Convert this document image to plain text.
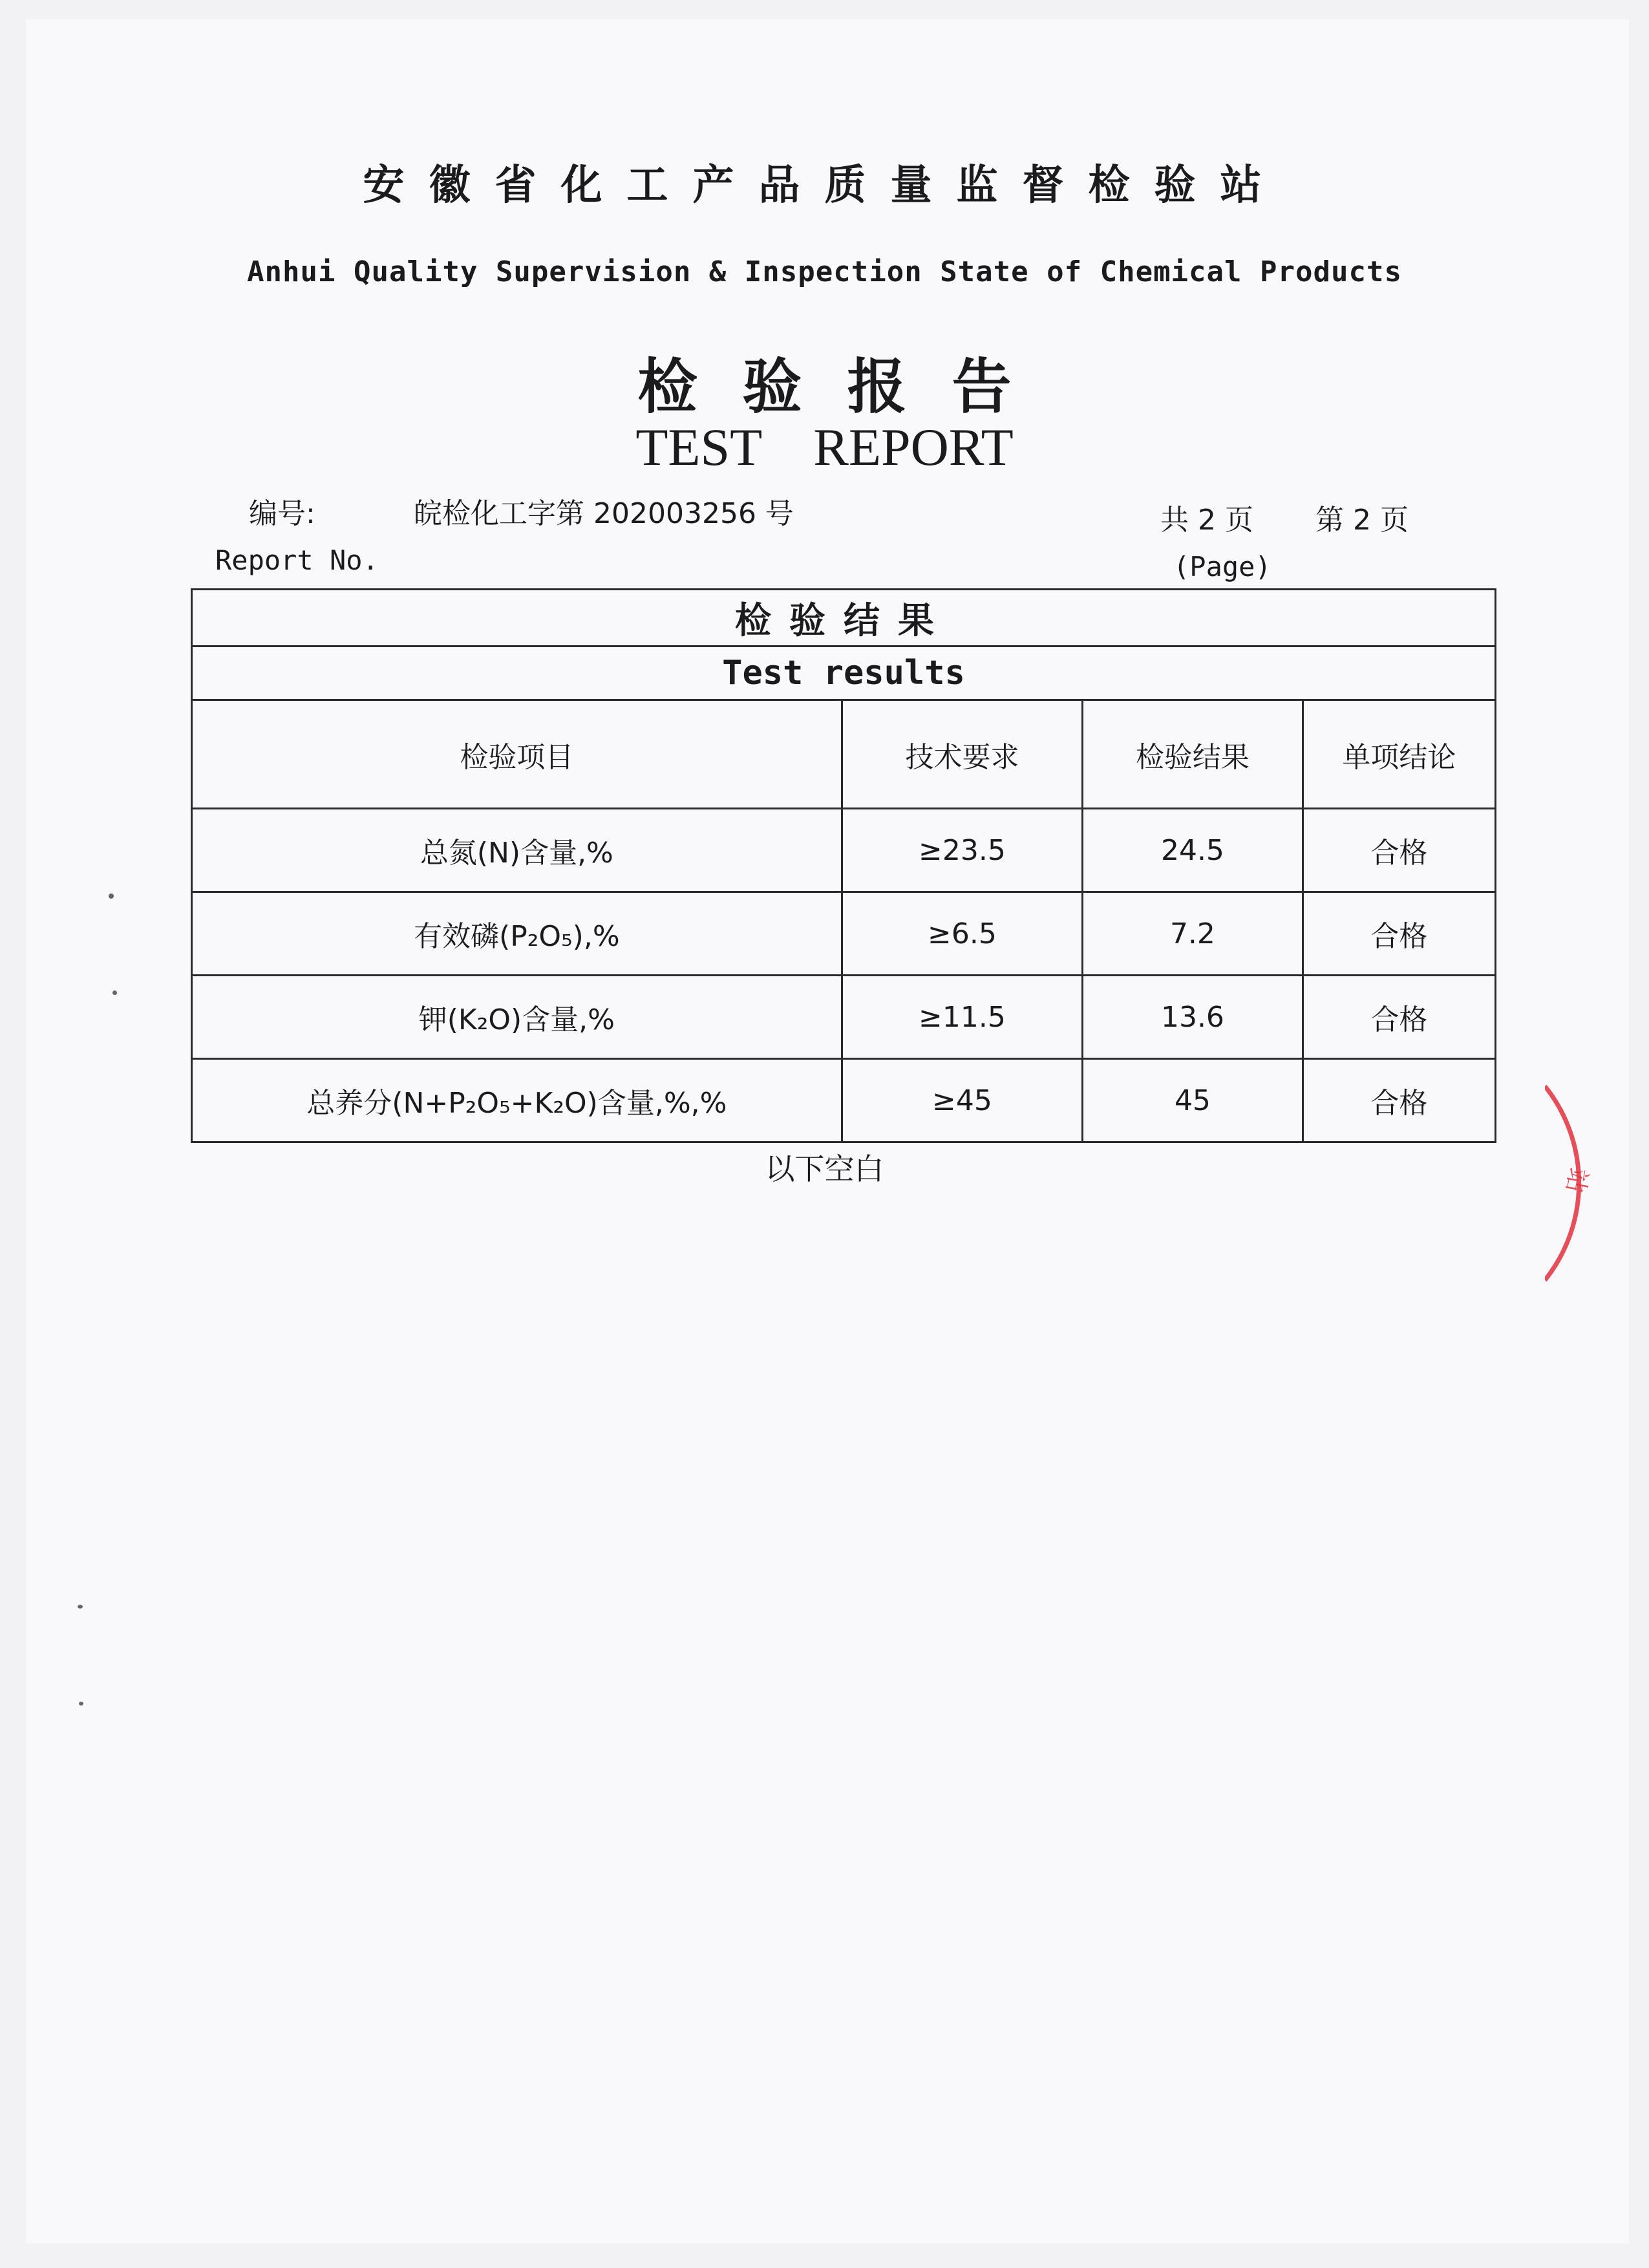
安徽省化工产品质量监督检验站
Anhui Quality Supervision & Inspection State of Chemical Products
检验报告
TEST REPORT
编号:	皖检化工字第 202003256 号
Report No.
共 2 页 第 2 页
(Page)
检验结果			
Test results			
检验项目	技术要求	检验结果	单项结论
总氮(N)含量,%	≥23.5	24.5	合格
有效磷(P₂O₅),%	≥6.5	7.2	合格
钾(K₂O)含量,%	≥11.5	13.6	合格
总养分(N+P₂O₅+K₂O)含量,%,%	≥45	45	合格
以下空白	站
